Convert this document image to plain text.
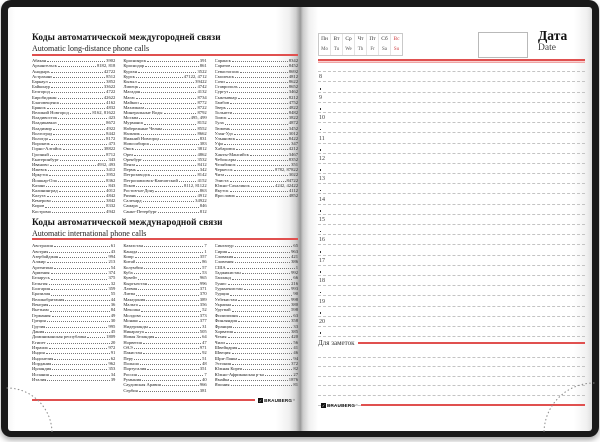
Коды автоматической междугородней связи
Automatic long-distance phone calls
Абакан	3902
Архангельск	8182, 818
Анадырь	42722
Астрахань	8512
Барнаул	3852
Байконур	33622
Белгород	4722
Биробиджан	42622
Благовещенск	4162
Брянск	4832
Великий Новгород	8162, 81622
Владивосток	423
Владикавказ	8672
Владимир	4922
Волгоград	8442
Вологда	8172
Воронеж	473
Горно-Алтайск	38822
Грозный	8712
Екатеринбург	343
Иваново	4932, 493
Ижевск	3412
Иркутск	3952
Йошкар-Ола	8362
Казань	843
Калининград	4012
Калуга	4842
Кемерово	3842
Киров	8332
Кострома	4942
Красноярск	391
Краснодар	861
Курган	3522
Курск	47122, 4712
Кызыл	39422
Липецк	4742
Магадан	4132
Магас	8734
Майкоп	8772
Махачкала	8722
Минеральные Воды	8792
Москва	495, 499
Мурманск	8152
Набережные Челны	8552
Нальчик	8662
Нижний Новгород	831
Новосибирск	383
Омск	3812
Орел	4862
Оренбург	3532
Пенза	8412
Пермь	342
Петрозаводск	8142
Петропавловск-Камчатский	4152
Псков	8112, 81122
Ростов-на-Дону	863
Рязань	4912
Салехард	34922
Самара	846
Санкт-Петербург	812
Саранск	8342
Саратов	8452
Севастополь	8692
Смоленск	4812
Сочи	8622
Ставрополь	8652
Сургут	3462
Сыктывкар	8212
Тамбов	4752
Тверь	4822
Тольятти	8482
Томск	3822
Тула	4872
Тюмень	3452
Улан-Удэ	3012
Ульяновск	8422
Уфа	347
Хабаровск	4212
Ханты-Мансийск	3467
Чебоксары	8352
Челябинск	351
Черкесск	8782, 87822
Чита	3022
Элиста	84722
Южно-Сахалинск	4242, 42422
Якутск	4112
Ярославль	4852
Коды автоматической международной связи
Automatic international phone calls
Австралия	61
Австрия	43
Азербайджан	994
Алжир	213
Аргентина	54
Армения	374
Беларусь	375
Бельгия	32
Болгария	359
Бразилия	55
Великобритания	44
Венгрия	36
Вьетнам	84
Германия	49
Греция	30
Грузия	995
Дания	45
Доминиканская республика	1809
Египет	20
Израиль	972
Индия	91
Индонезия	62
Иордания	962
Ирландия	353
Испания	34
Италия	39
Казахстан	7
Канада	1
Кипр	357
Китай	86
Колумбия	57
Куба	53
Кувейт	965
Кыргызстан	996
Латвия	371
Литва	370
Македония	389
Мальта	356
Мексика	52
Молдова	373
Монако	377
Нидерланды	31
Никарагуа	505
Новая Зеландия	64
Норвегия	47
ОАЭ	971
Пакистан	92
Перу	51
Польша	48
Португалия	351
Россия	7
Румыния	40
Саудовская Аравия	966
Сербия	381
Сингапур	65
Сирия	963
Словакия	421
Словения	386
США	1
Таджикистан	992
Таиланд	66
Тунис	216
Туркменистан	993
Турция	90
Узбекистан	998
Украина	380
Уругвай	598
Филиппины	63
Финляндия	358
Франция	33
Хорватия	385
Чехия	420
Чили	56
Швейцария	41
Швеция	46
Шри-Ланка	94
Эстония	372
Южная Корея	82
Южно-Африканская р-ка	27
Ямайка	1876
Япония	81
✓ BRAUBERG ®
Пн	Вт	Ср	Чт	Пт	Сб	Вс
Mo	Tu	We	Th	Fr	Sa	Su
Дата
Date
8
9
10
11
12
13
14
15
16
17
18
19
20
Для заметок
✓ BRAUBERG ®
